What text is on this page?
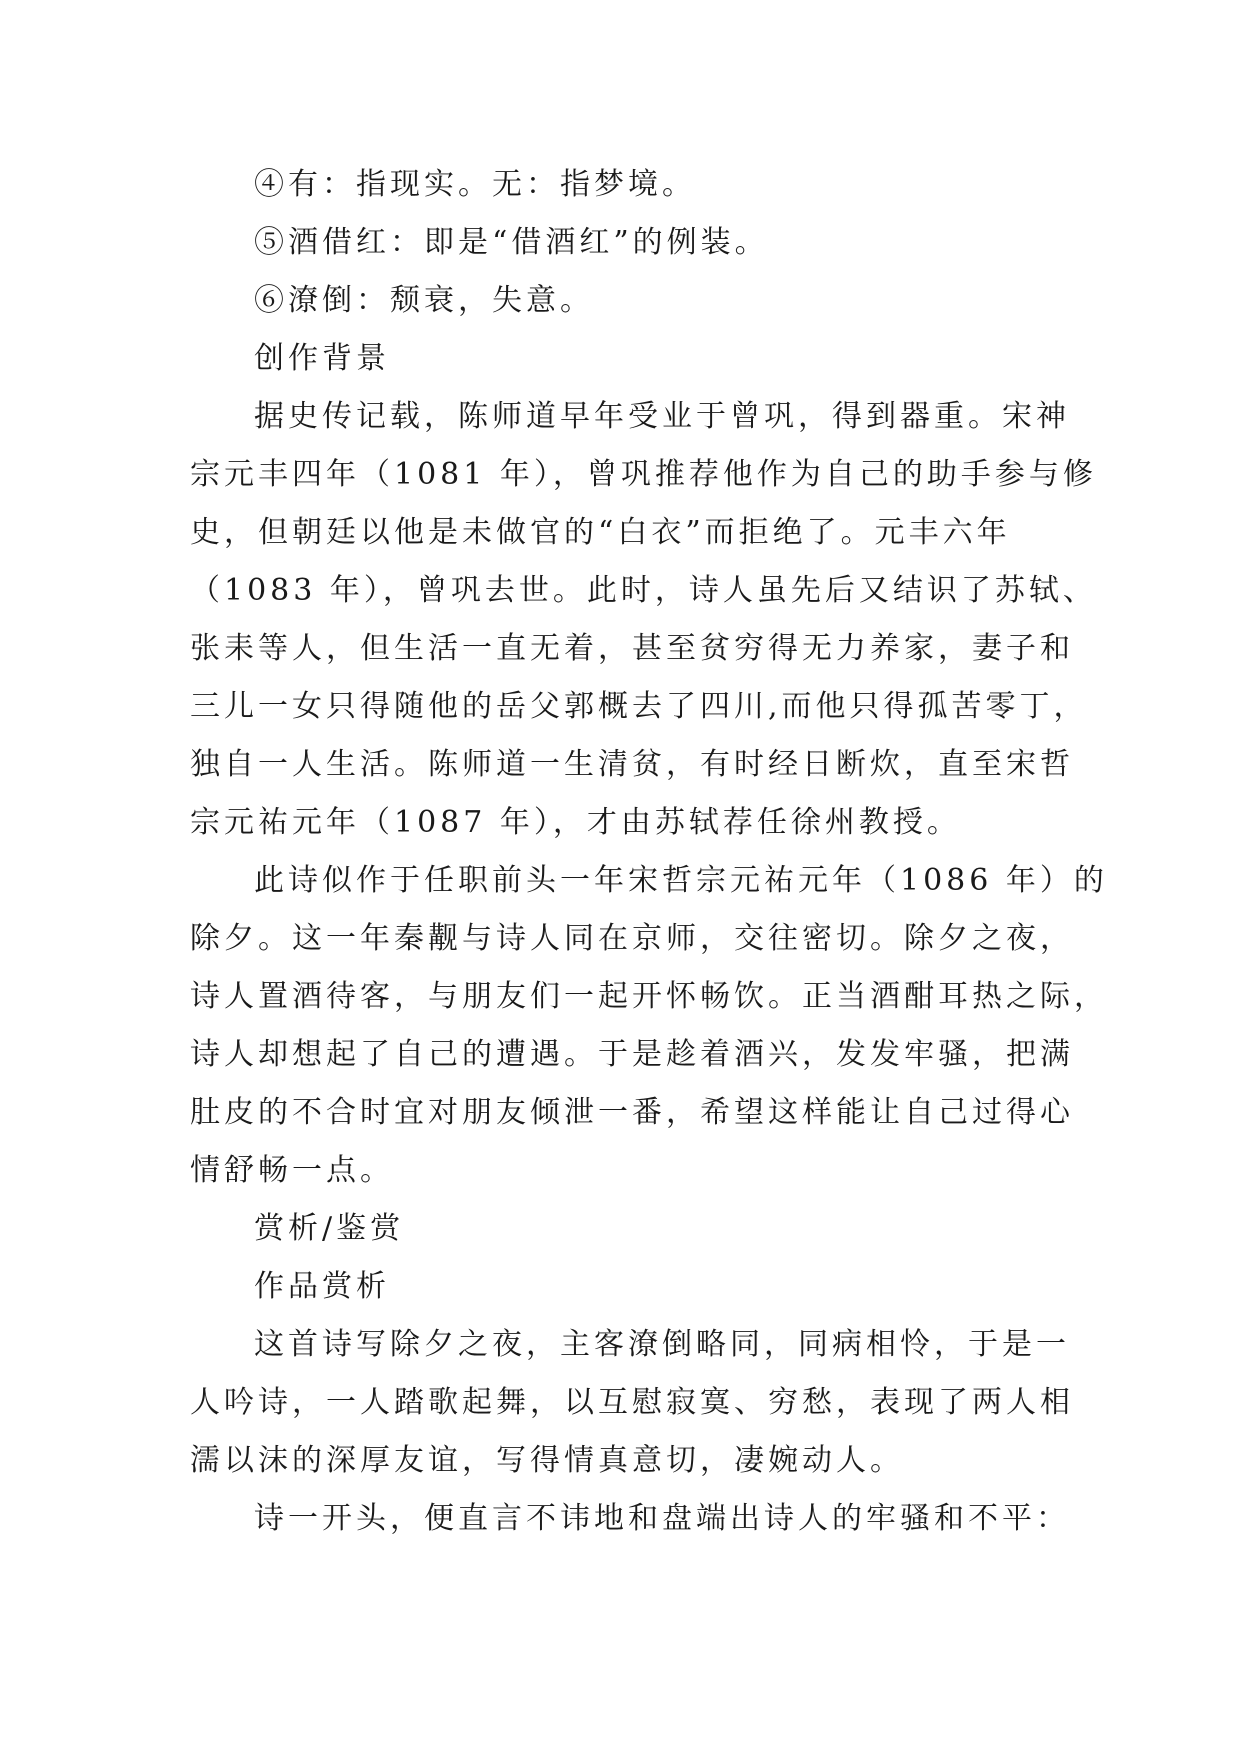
④有：指现实。无：指梦境。
⑤酒借红：即是“借酒红”的例装。
⑥潦倒：颓衰，失意。
创作背景
据史传记载，陈师道早年受业于曾巩，得到器重。宋神
宗元丰四年（1081 年），曾巩推荐他作为自己的助手参与修
史，但朝廷以他是未做官的“白衣”而拒绝了。元丰六年
（1083 年），曾巩去世。此时，诗人虽先后又结识了苏轼、
张耒等人，但生活一直无着，甚至贫穷得无力养家，妻子和
三儿一女只得随他的岳父郭概去了四川,而他只得孤苦零丁，
独自一人生活。陈师道一生清贫，有时经日断炊，直至宋哲
宗元祐元年（1087 年），才由苏轼荐任徐州教授。
此诗似作于任职前头一年宋哲宗元祐元年（1086 年）的
除夕。这一年秦觏与诗人同在京师，交往密切。除夕之夜，
诗人置酒待客，与朋友们一起开怀畅饮。正当酒酣耳热之际，
诗人却想起了自己的遭遇。于是趁着酒兴，发发牢骚，把满
肚皮的不合时宜对朋友倾泄一番，希望这样能让自己过得心
情舒畅一点。
赏析/鉴赏
作品赏析
这首诗写除夕之夜，主客潦倒略同，同病相怜，于是一
人吟诗，一人踏歌起舞，以互慰寂寞、穷愁，表现了两人相
濡以沫的深厚友谊，写得情真意切，凄婉动人。
诗一开头，便直言不讳地和盘端出诗人的牢骚和不平：
